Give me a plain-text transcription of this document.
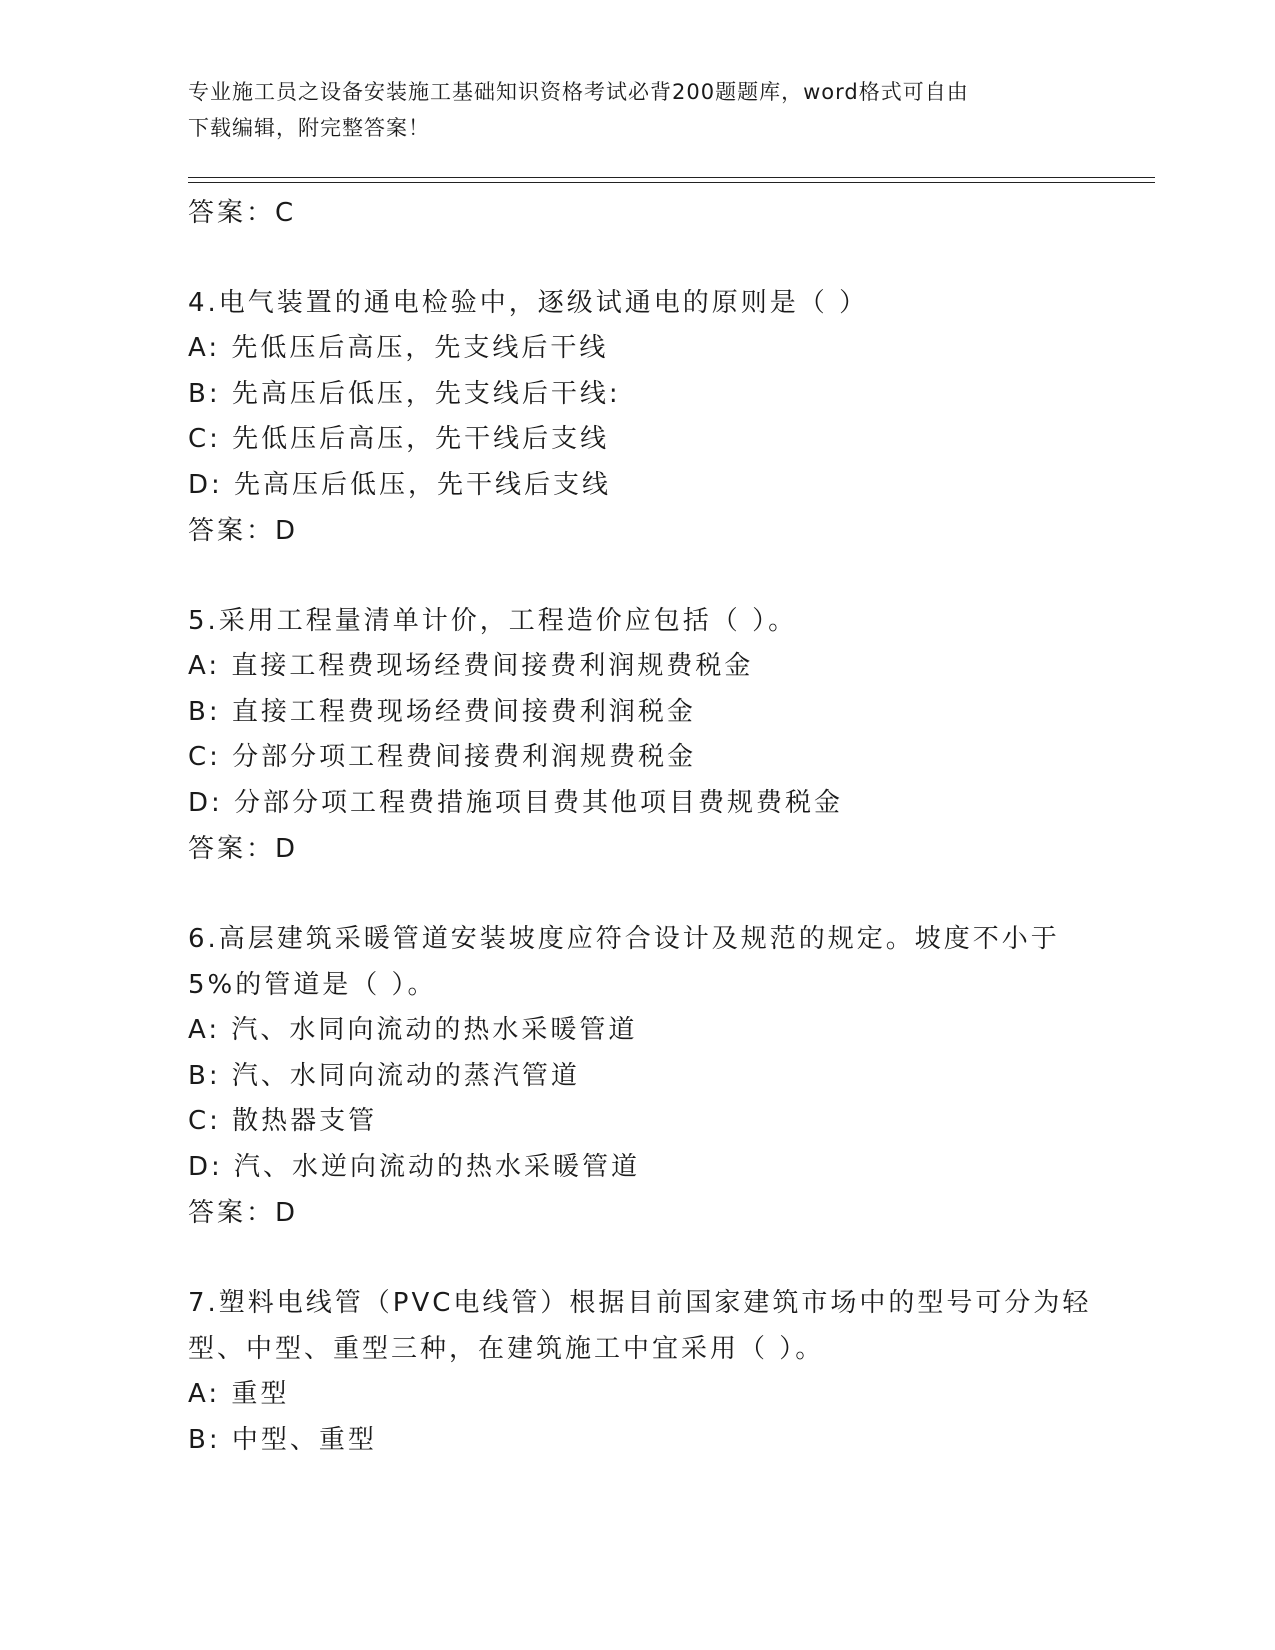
专业施工员之设备安装施工基础知识资格考试必背200题题库，word格式可自由
下载编辑，附完整答案！
答案：C
4.电气装置的通电检验中，逐级试通电的原则是（ ）
A: 先低压后高压，先支线后干线
B: 先高压后低压，先支线后干线:
C: 先低压后高压，先干线后支线
D: 先高压后低压，先干线后支线
答案：D
5.采用工程量清单计价，工程造价应包括（ ）。
A: 直接工程费现场经费间接费利润规费税金
B: 直接工程费现场经费间接费利润税金
C: 分部分项工程费间接费利润规费税金
D: 分部分项工程费措施项目费其他项目费规费税金
答案：D
6.高层建筑采暖管道安装坡度应符合设计及规范的规定。坡度不小于
5%的管道是（ ）。
A: 汽、水同向流动的热水采暖管道
B: 汽、水同向流动的蒸汽管道
C: 散热器支管
D: 汽、水逆向流动的热水采暖管道
答案：D
7.塑料电线管（PVC电线管）根据目前国家建筑市场中的型号可分为轻
型、中型、重型三种，在建筑施工中宜采用（ ）。
A: 重型
B: 中型、重型
